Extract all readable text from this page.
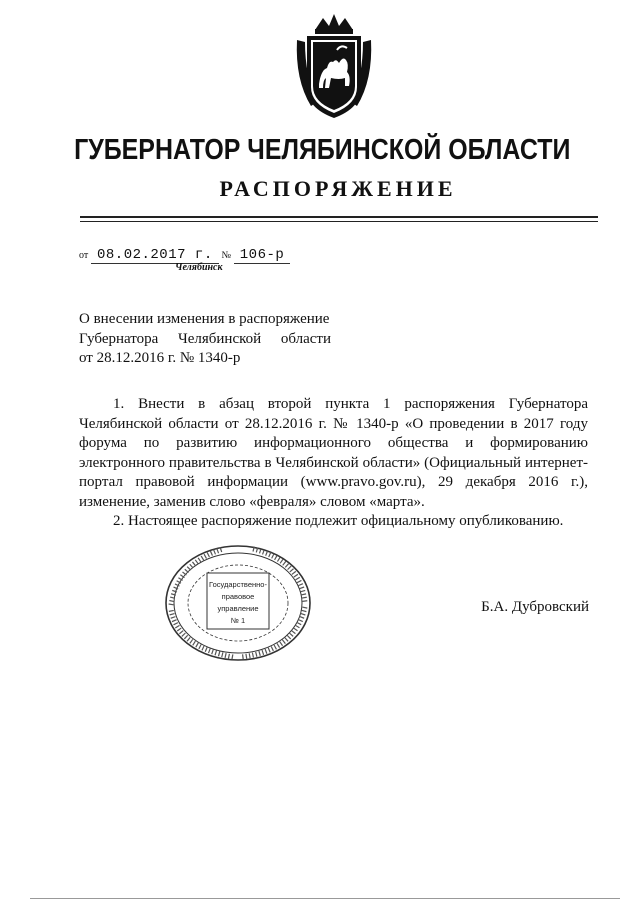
ГУБЕРНАТОР ЧЕЛЯБИНСКОЙ ОБЛАСТИ
РАСПОРЯЖЕНИЕ
от 08.02.2017 г. № 106-р
Челябинск
О внесении изменения в распоряжение
Губернатора Челябинской области
от 28.12.2016 г. № 1340-р

1. Внести в абзац второй пункта 1 распоряжения Губернатора Челябинской области от 28.12.2016 г. № 1340-р «О проведении в 2017 году форума по развитию информационного общества и формированию электронного правительства в Челябинской области» (Официальный интернет-портал правовой информации (www.pravo.gov.ru), 29 декабря 2016 г.), изменение, заменив слово «февраля» словом «марта».

2. Настоящее распоряжение подлежит официальному опубликованию.

Государственно-
правовое
управление
№ 1
Б.А. Дубровский
